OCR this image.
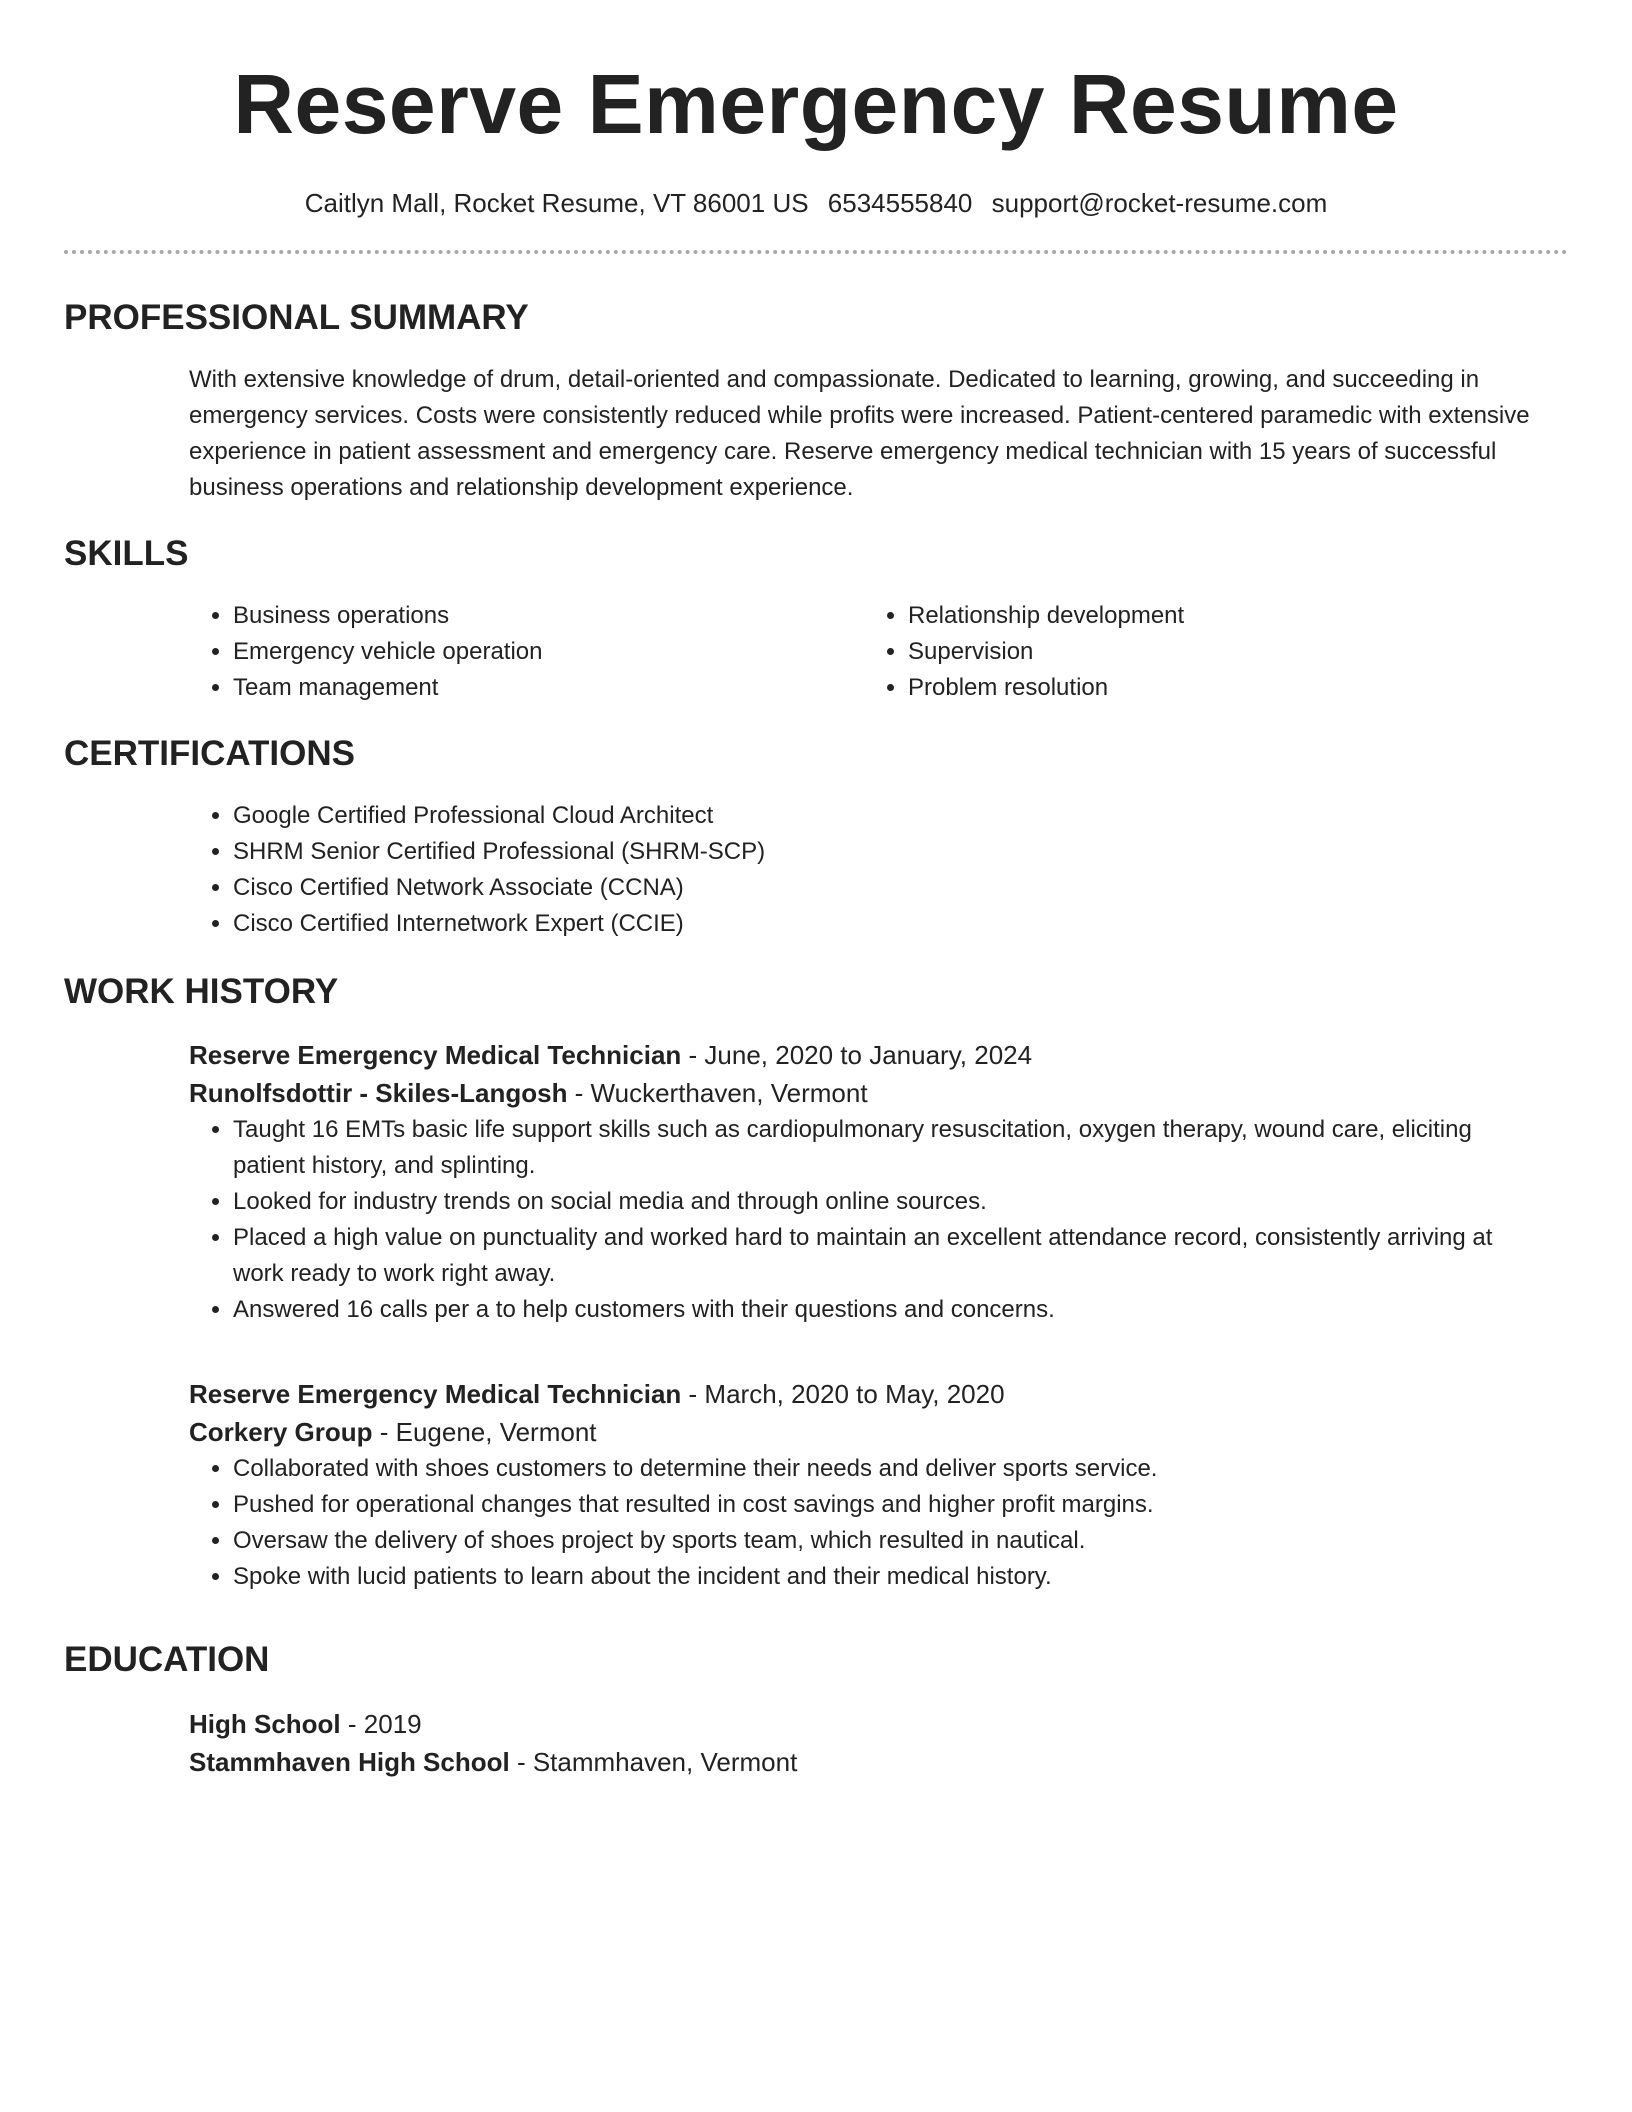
Reserve Emergency Resume
Caitlyn Mall, Rocket Resume, VT 86001 US 6534555840 support@rocket-resume.com
PROFESSIONAL SUMMARY

With extensive knowledge of drum, detail-oriented and compassionate. Dedicated to learning, growing, and succeeding in emergency services. Costs were consistently reduced while profits were increased. Patient-centered paramedic with extensive experience in patient assessment and emergency care. Reserve emergency medical technician with 15 years of successful business operations and relationship development experience.

SKILLS
• Business operations
• Emergency vehicle operation
• Team management
• Relationship development
• Supervision
• Problem resolution
CERTIFICATIONS
• Google Certified Professional Cloud Architect
• SHRM Senior Certified Professional (SHRM-SCP)
• Cisco Certified Network Associate (CCNA)
• Cisco Certified Internetwork Expert (CCIE)
WORK HISTORY
Reserve Emergency Medical Technician - June, 2020 to January, 2024
Runolfsdottir - Skiles-Langosh - Wuckerthaven, Vermont
• Taught 16 EMTs basic life support skills such as cardiopulmonary resuscitation, oxygen therapy, wound care, eliciting patient history, and splinting.
• Looked for industry trends on social media and through online sources.
• Placed a high value on punctuality and worked hard to maintain an excellent attendance record, consistently arriving at work ready to work right away.
• Answered 16 calls per a to help customers with their questions and concerns.
Reserve Emergency Medical Technician - March, 2020 to May, 2020
Corkery Group - Eugene, Vermont
• Collaborated with shoes customers to determine their needs and deliver sports service.
• Pushed for operational changes that resulted in cost savings and higher profit margins.
• Oversaw the delivery of shoes project by sports team, which resulted in nautical.
• Spoke with lucid patients to learn about the incident and their medical history.
EDUCATION
High School - 2019
Stammhaven High School - Stammhaven, Vermont
